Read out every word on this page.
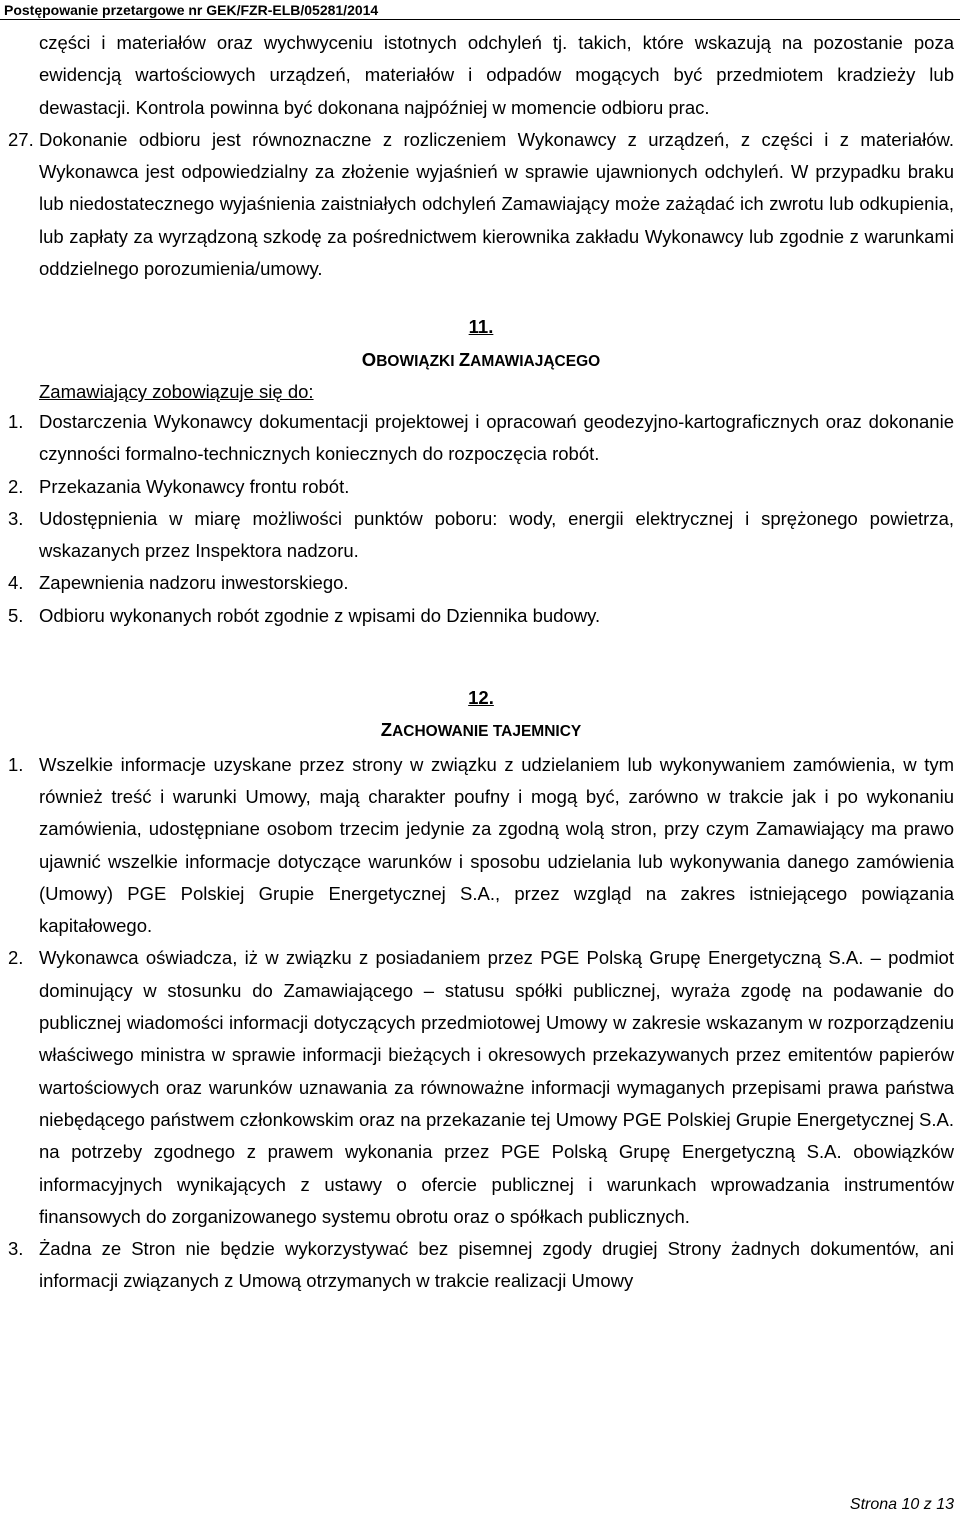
Postępowanie przetargowe nr GEK/FZR-ELB/05281/2014

części i materiałów oraz wychwyceniu istotnych odchyleń tj. takich, które wskazują na pozostanie poza ewidencją wartościowych urządzeń, materiałów i odpadów mogących być przedmiotem kradzieży lub dewastacji. Kontrola powinna być dokonana najpóźniej w momencie odbioru prac.

27. Dokonanie odbioru jest równoznaczne z rozliczeniem Wykonawcy z urządzeń, z części i z materiałów. Wykonawca jest odpowiedzialny za złożenie wyjaśnień w sprawie ujawnionych odchyleń. W przypadku braku lub niedostatecznego wyjaśnienia zaistniałych odchyleń Zamawiający może zażądać ich zwrotu lub odkupienia, lub zapłaty za wyrządzoną szkodę za pośrednictwem kierownika zakładu Wykonawcy lub zgodnie z warunkami oddzielnego porozumienia/umowy.

11.

OBOWIĄZKI ZAMAWIAJĄCEGO

Zamawiający zobowiązuje się do:

1. Dostarczenia Wykonawcy dokumentacji projektowej i opracowań geodezyjno-kartograficznych oraz dokonanie czynności formalno-technicznych koniecznych do rozpoczęcia robót.
2. Przekazania Wykonawcy frontu robót.
3. Udostępnienia w miarę możliwości punktów poboru: wody, energii elektrycznej i sprężonego powietrza, wskazanych przez Inspektora nadzoru.
4. Zapewnienia nadzoru inwestorskiego.
5. Odbioru wykonanych robót zgodnie z wpisami do Dziennika budowy.

12.

ZACHOWANIE TAJEMNICY

1. Wszelkie informacje uzyskane przez strony w związku z udzielaniem lub wykonywaniem zamówienia, w tym również treść i warunki Umowy, mają charakter poufny i mogą być, zarówno w trakcie jak i po wykonaniu zamówienia, udostępniane osobom trzecim jedynie za zgodną wolą stron, przy czym Zamawiający ma prawo ujawnić wszelkie informacje dotyczące warunków i sposobu udzielania lub wykonywania danego zamówienia (Umowy) PGE Polskiej Grupie Energetycznej S.A., przez wzgląd na zakres istniejącego powiązania kapitałowego.
2. Wykonawca oświadcza, iż w związku z posiadaniem przez PGE Polską Grupę Energetyczną S.A. – podmiot dominujący w stosunku do Zamawiającego – statusu spółki publicznej, wyraża zgodę na podawanie do publicznej wiadomości informacji dotyczących przedmiotowej Umowy w zakresie wskazanym w rozporządzeniu właściwego ministra w sprawie informacji bieżących i okresowych przekazywanych przez emitentów papierów wartościowych oraz warunków uznawania za równoważne informacji wymaganych przepisami prawa państwa niebędącego państwem członkowskim oraz na przekazanie tej Umowy PGE Polskiej Grupie Energetycznej S.A. na potrzeby zgodnego z prawem wykonania przez PGE Polską Grupę Energetyczną S.A. obowiązków informacyjnych wynikających z ustawy o ofercie publicznej i warunkach wprowadzania instrumentów finansowych do zorganizowanego systemu obrotu oraz o spółkach publicznych.
3. Żadna ze Stron nie będzie wykorzystywać bez pisemnej zgody drugiej Strony żadnych dokumentów, ani informacji związanych z Umową otrzymanych w trakcie realizacji Umowy
Strona 10 z 13
